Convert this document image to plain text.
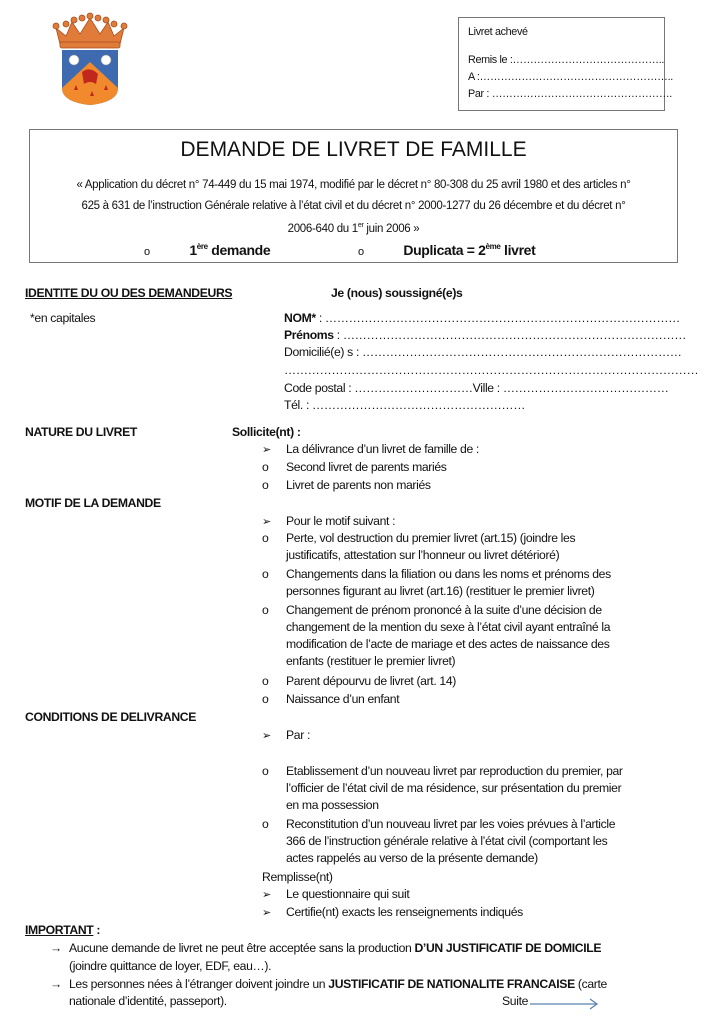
Livret achevé
Remis le :……………………………………..
A :………………………………………………..
Par : …………………………………………….
DEMANDE DE LIVRET DE FAMILLE
« Application du décret n° 74-449 du 15 mai 1974, modifié par le décret n° 80-308 du 25 avril 1980 et des articles n°
625 à 631 de l’instruction Générale relative à l’état civil et du décret n° 2000-1277 du 26 décembre et du décret n°
2006-640 du 1er juin 2006 »
o	1ère demande	o	Duplicata = 2ème livret
IDENTITE DU OU DES DEMANDEURS	Je (nous) soussigné(e)s
*en capitales	NOM* : ………………………………………………………………………………
Prénoms : ……………………………………………………………………………
Domicilié(e) s : ………………………………………………………………………
……………………………………………………………………………………………
Code postal : …………………………Ville : ……………………………………
Tél. : ………………………………………………
NATURE DU LIVRET	Sollicite(nt) :
➢ La délivrance d’un livret de famille de :
o Second livret de parents mariés
o Livret de parents non mariés
MOTIF DE LA DEMANDE
➢ Pour le motif suivant :
o Perte, vol destruction du premier livret (art.15) (joindre les
justificatifs, attestation sur l’honneur ou livret détérioré)
o Changements dans la filiation ou dans les noms et prénoms des
personnes figurant au livret (art.16) (restituer le premier livret)
o Changement de prénom prononcé à la suite d’une décision de
changement de la mention du sexe à l’état civil ayant entraîné la
modification de l’acte de mariage et des actes de naissance des
enfants (restituer le premier livret)
o Parent dépourvu de livret (art. 14)
o Naissance d’un enfant
CONDITIONS DE DELIVRANCE
➢ Par :
o Etablissement d’un nouveau livret par reproduction du premier, par
l’officier de l’état civil de ma résidence, sur présentation du premier
en ma possession
o Reconstitution d’un nouveau livret par les voies prévues à l’article
366 de l’instruction générale relative à l’état civil (comportant les
actes rappelés au verso de la présente demande)
Remplisse(nt)
➢ Le questionnaire qui suit
➢ Certifie(nt) exacts les renseignements indiqués
IMPORTANT :
→ Aucune demande de livret ne peut être acceptée sans la production D’UN JUSTIFICATIF DE DOMICILE
(joindre quittance de loyer, EDF, eau…).
→ Les personnes nées à l’étranger doivent joindre un JUSTIFICATIF DE NATIONALITE FRANCAISE (carte
nationale d’identité, passeport).	Suite
